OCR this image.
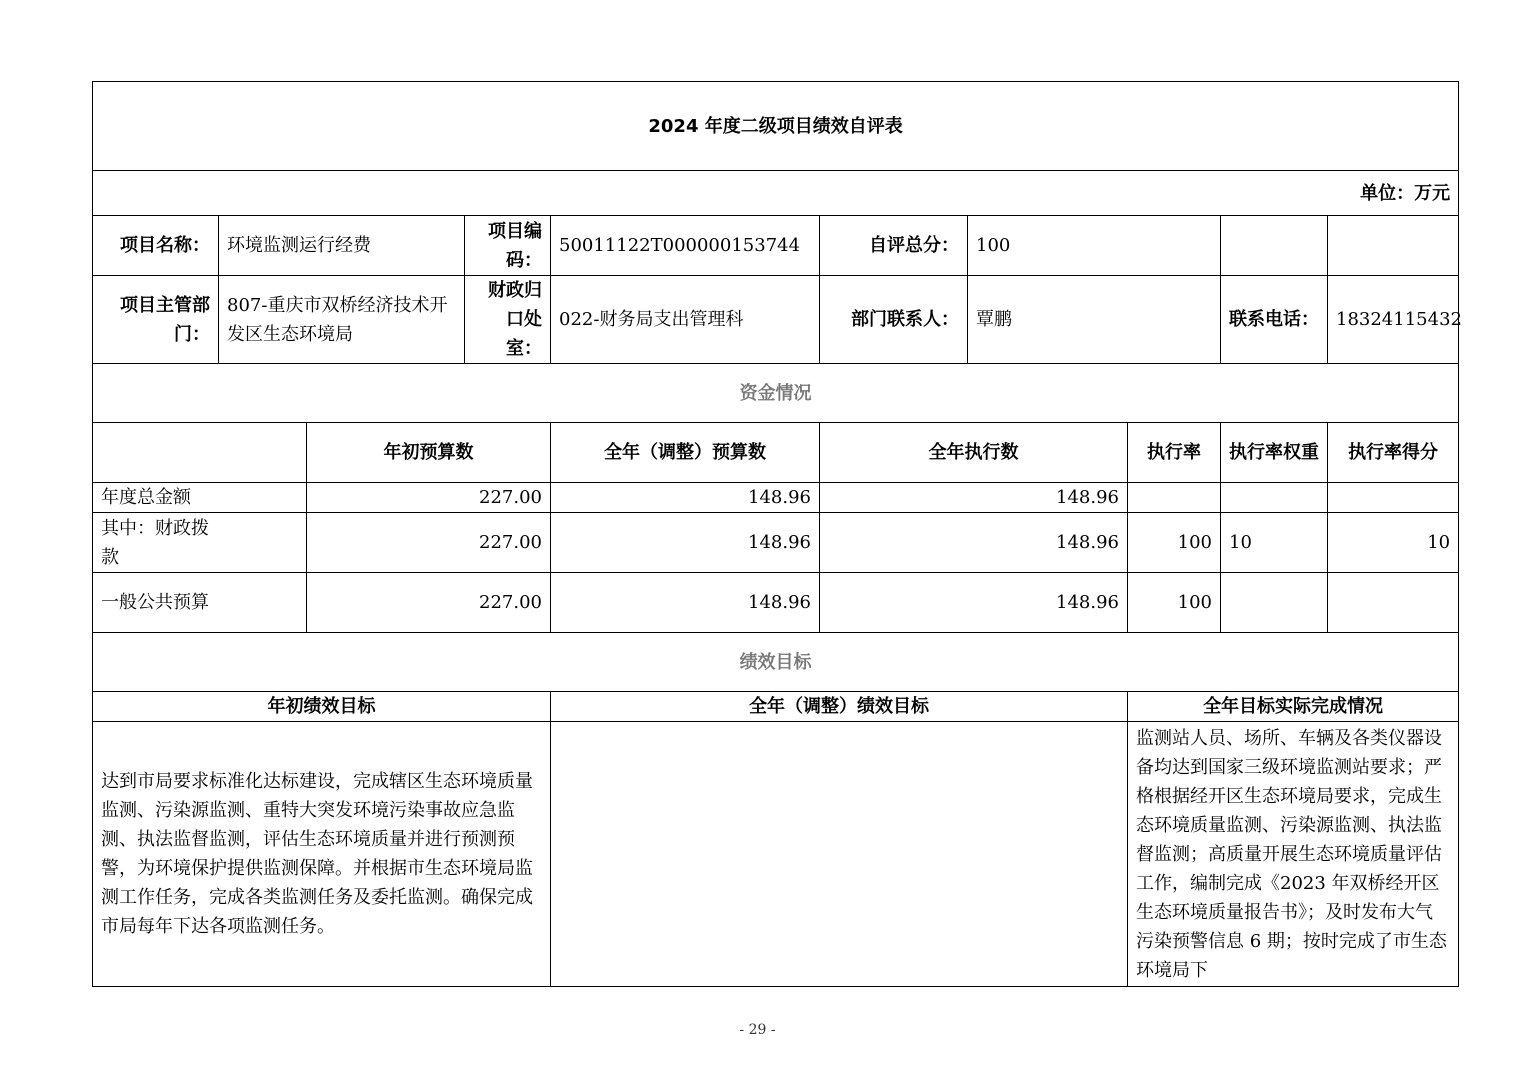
2024 年度二级项目绩效自评表									
单位：万元									
项目名称：	环境监测运行经费		项目编码：	50011122T000000153744	自评总分：	100			
项目主管部门：	807-重庆市双桥经济技术开发区生态环境局		财政归口处室：	022-财务局支出管理科	部门联系人：	覃鹏		联系电话：	18324115432
资金情况									
		年初预算数		全年（调整）预算数	全年执行数		执行率	执行率权重	执行率得分
年度总金额		227.00		148.96	148.96				

其中：财政拨款		227.00		148.96	148.96		100	10	10

一般公共预算		227.00		148.96	148.96		100		
绩效目标									
年初绩效目标				全年（调整）绩效目标			全年目标实际完成情况		
达到市局要求标准化达标建设，完成辖区生态环境质量监测、污染源监测、重特大突发环境污染事故应急监测、执法监督监测，评估生态环境质量并进行预测预警，为环境保护提供监测保障。并根据市生态环境局监测工作任务，完成各类监测任务及委托监测。确保完成市局每年下达各项监测任务。							监测站人员、场所、车辆及各类仪器设备均达到国家三级环境监测站要求；严格根据经开区生态环境局要求，完成生态环境质量监测、污染源监测、执法监督监测；高质量开展生态环境质量评估工作，编制完成《2023 年双桥经开区生态环境质量报告书》；及时发布大气污染预警信息 6 期；按时完成了市生态环境局下		
- 29 -
